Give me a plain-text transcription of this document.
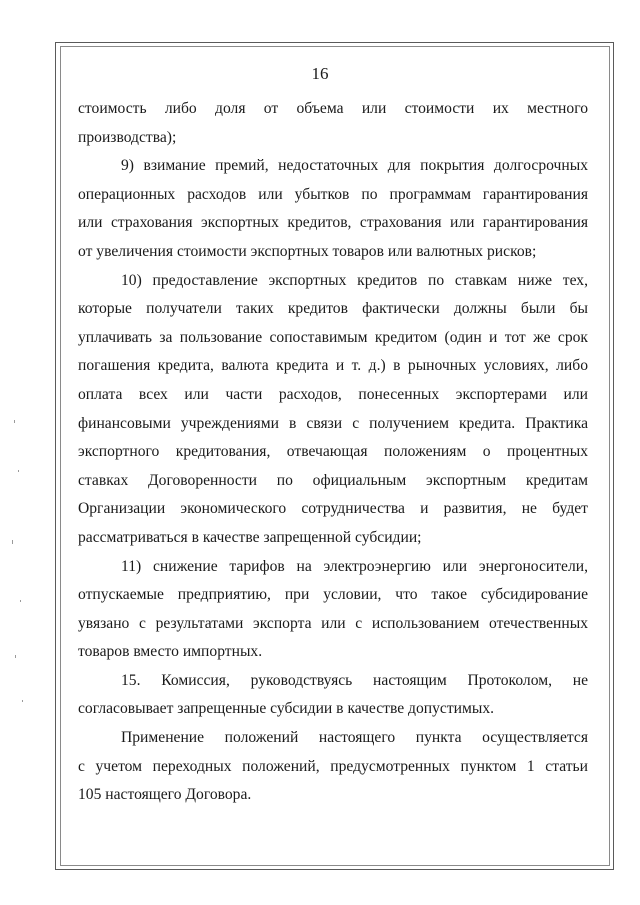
16
стоимость либо доля от объема или стоимости их местного
производства);
9) взимание премий, недостаточных для покрытия долгосрочных
операционных расходов или убытков по программам гарантирования
или страхования экспортных кредитов, страхования или гарантирования
от увеличения стоимости экспортных товаров или валютных рисков;
10) предоставление экспортных кредитов по ставкам ниже тех,
которые получатели таких кредитов фактически должны были бы
уплачивать за пользование сопоставимым кредитом (один и тот же срок
погашения кредита, валюта кредита и т. д.) в рыночных условиях, либо
оплата всех или части расходов, понесенных экспортерами или
финансовыми учреждениями в связи с получением кредита. Практика
экспортного кредитования, отвечающая положениям о процентных
ставках Договоренности по официальным экспортным кредитам
Организации экономического сотрудничества и развития, не будет
рассматриваться в качестве запрещенной субсидии;
11) снижение тарифов на электроэнергию или энергоносители,
отпускаемые предприятию, при условии, что такое субсидирование
увязано с результатами экспорта или с использованием отечественных
товаров вместо импортных.
15. Комиссия, руководствуясь настоящим Протоколом, не
согласовывает запрещенные субсидии в качестве допустимых.
Применение положений настоящего пункта осуществляется
с учетом переходных положений, предусмотренных пунктом 1 статьи
105 настоящего Договора.
